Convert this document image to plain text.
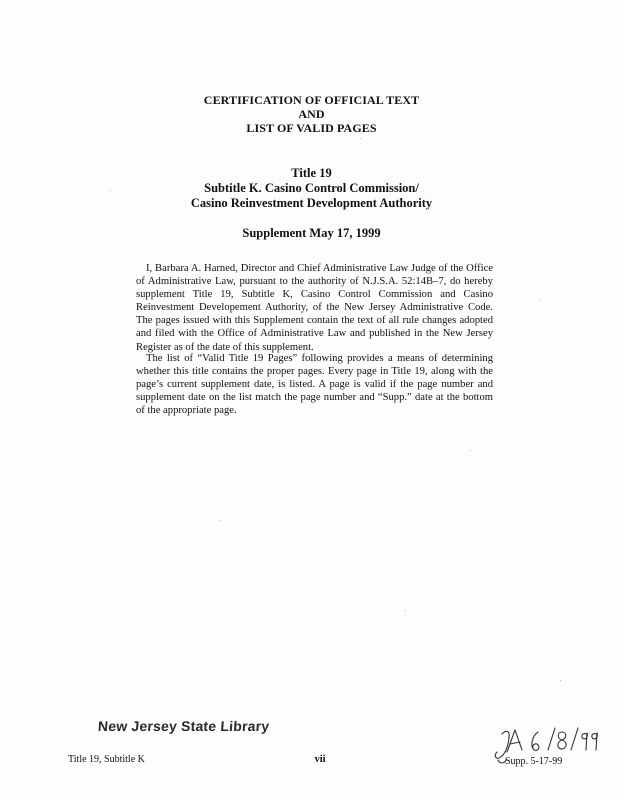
CERTIFICATION OF OFFICIAL TEXT
AND
LIST OF VALID PAGES
Title 19
Subtitle K. Casino Control Commission/
Casino Reinvestment Development Authority
Supplement May 17, 1999

I, Barbara A. Harned, Director and Chief Administrative Law Judge of the Office of Administrative Law, pursuant to the authority of N.J.S.A. 52:14B–7, do hereby supplement Title 19, Subtitle K, Casino Control Commission and Casino Reinvestment Developement Authority, of the New Jersey Administrative Code. The pages issued with this Supplement contain the text of all rule changes adopted and filed with the Office of Administrative Law and published in the New Jersey Register as of the date of this supplement.

The list of “Valid Title 19 Pages” following provides a means of determining whether this title contains the proper pages. Every page in Title 19, along with the page’s current supplement date, is listed. A page is valid if the page number and supplement date on the list match the page number and “Supp.” date at the bottom of the appropriate page.

New Jersey State Library
Title 19, Subtitle K	vii	Supp. 5-17-99
